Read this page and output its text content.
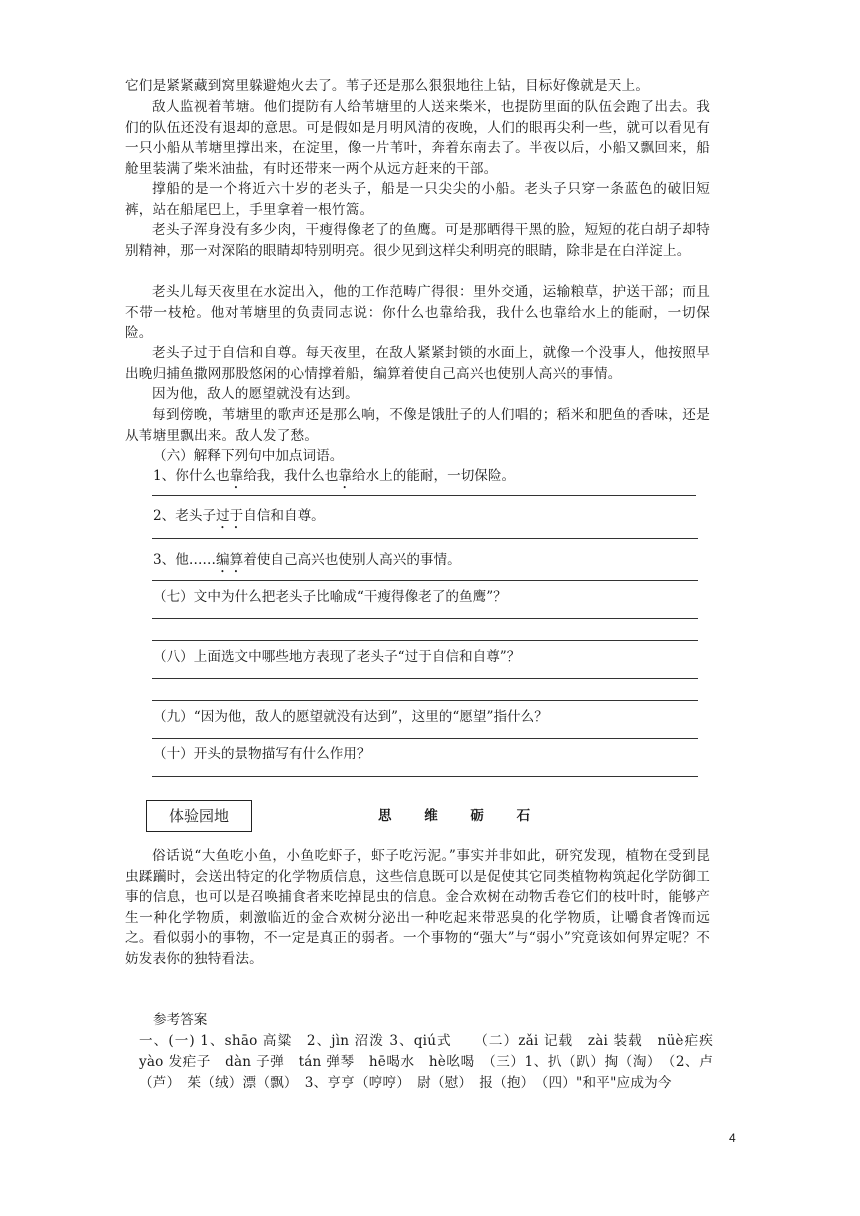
它们是紧紧藏到窝里躲避炮火去了。苇子还是那么狠狠地往上钻，目标好像就是天上。

敌人监视着苇塘。他们提防有人给苇塘里的人送来柴米，也提防里面的队伍会跑了出去。我们的队伍还没有退却的意思。可是假如是月明风清的夜晚，人们的眼再尖利一些，就可以看见有一只小船从苇塘里撑出来，在淀里，像一片苇叶，奔着东南去了。半夜以后，小船又飘回来，船舱里装满了柴米油盐，有时还带来一两个从远方赶来的干部。

撑船的是一个将近六十岁的老头子，船是一只尖尖的小船。老头子只穿一条蓝色的破旧短裤，站在船尾巴上，手里拿着一根竹篙。

老头子浑身没有多少肉，干瘦得像老了的鱼鹰。可是那晒得干黑的脸，短短的花白胡子却特别精神，那一对深陷的眼睛却特别明亮。很少见到这样尖利明亮的眼睛，除非是在白洋淀上。

老头儿每天夜里在水淀出入，他的工作范畴广得很：里外交通，运输粮草，护送干部；而且不带一枝枪。他对苇塘里的负责同志说：你什么也靠给我，我什么也靠给水上的能耐，一切保险。

老头子过于自信和自尊。每天夜里，在敌人紧紧封锁的水面上，就像一个没事人，他按照早出晚归捕鱼撒网那股悠闲的心情撑着船，编算着使自己高兴也使别人高兴的事情。

因为他，敌人的愿望就没有达到。

每到傍晚，苇塘里的歌声还是那么响，不像是饿肚子的人们唱的；稻米和肥鱼的香味，还是从苇塘里飘出来。敌人发了愁。

（六）解释下列句中加点词语。

1、你什么也靠给我，我什么也靠给水上的能耐，一切保险。

2、老头子过于自信和自尊。

3、他……编算着使自己高兴也使别人高兴的事情。

（七）文中为什么把老头子比喻成“干瘦得像老了的鱼鹰”？

（八）上面选文中哪些地方表现了老头子“过于自信和自尊”？

（九）“因为他，敌人的愿望就没有达到”，这里的“愿望”指什么？

（十）开头的景物描写有什么作用？

体验园地	思 维 砺 石

俗话说“大鱼吃小鱼，小鱼吃虾子，虾子吃污泥。”事实并非如此，研究发现，植物在受到昆虫蹂躏时，会送出特定的化学物质信息，这些信息既可以是促使其它同类植物构筑起化学防御工事的信息，也可以是召唤捕食者来吃掉昆虫的信息。金合欢树在动物舌卷它们的枝叶时，能够产生一种化学物质，刺激临近的金合欢树分泌出一种吃起来带恶臭的化学物质，让嚼食者馋而远之。看似弱小的事物，不一定是真正的弱者。一个事物的“强大”与“弱小”究竟该如何界定呢？不妨发表你的独特看法。

参考答案

一、(一) 1、shāo 高粱　2、jìn 沼泼 3、qiú式　　（二）zǎi 记载　zài 装载　nüè疟疾　yào 发疟子　dàn 子弹　tán 弹琴　hē喝水　hè吆喝　（三）1、扒（趴）掏（淘）　（2、卢（芦）　茱（绒）漂（飘）　3、亨亨（哼哼）　尉（慰）　报（抱）　（四）"和平"应成为今

4
